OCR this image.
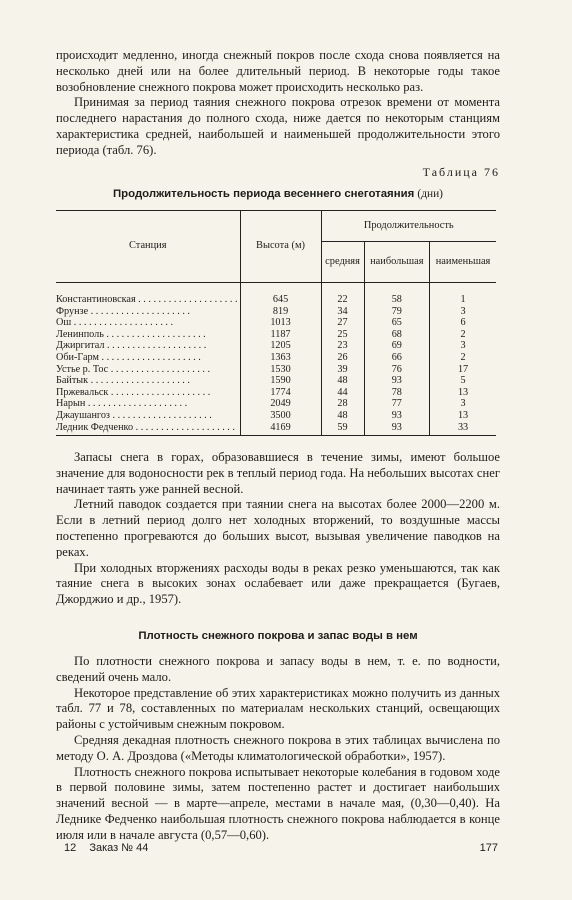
происходит медленно, иногда снежный покров после схода снова появляется на несколько дней или на более длительный период. В некоторые годы такое возобновление снежного покрова может происходить несколько раз.

Принимая за период таяния снежного покрова отрезок времени от момента последнего нарастания до полного схода, ниже дается по некоторым станциям характеристика средней, наибольшей и наименьшей продолжительности этого периода (табл. 76).

Таблица 76
Продолжительность периода весеннего снеготаяния (дни)
Станция	Высота (м)	Продолжительность		
		средняя	наибольшая	наименьшая

Константиновская . . . . . . . . . . . . . . . . . . . .	645	22	58	1
Фрунзе . . . . . . . . . . . . . . . . . . . .	819	34	79	3
Ош . . . . . . . . . . . . . . . . . . . .	1013	27	65	6
Ленинполь . . . . . . . . . . . . . . . . . . . .	1187	25	68	2
Джиргитал . . . . . . . . . . . . . . . . . . . .	1205	23	69	3
Оби-Гарм . . . . . . . . . . . . . . . . . . . .	1363	26	66	2
Устье р. Тос . . . . . . . . . . . . . . . . . . . .	1530	39	76	17
Байтык . . . . . . . . . . . . . . . . . . . .	1590	48	93	5
Пржевальск . . . . . . . . . . . . . . . . . . . .	1774	44	78	13
Нарын . . . . . . . . . . . . . . . . . . . .	2049	28	77	3
Джаушангоз . . . . . . . . . . . . . . . . . . . .	3500	48	93	13
Ледник Федченко . . . . . . . . . . . . . . . . . . . .	4169	59	93	33

Запасы снега в горах, образовавшиеся в течение зимы, имеют большое значение для водоносности рек в теплый период года. На небольших высотах снег начинает таять уже ранней весной.

Летний паводок создается при таянии снега на высотах более 2000—2200 м. Если в летний период долго нет холодных вторжений, то воздушные массы постепенно прогреваются до больших высот, вызывая увеличение паводков на реках.

При холодных вторжениях расходы воды в реках резко уменьшаются, так как таяние снега в высоких зонах ослабевает или даже прекращается (Бугаев, Джорджио и др., 1957).

Плотность снежного покрова и запас воды в нем

По плотности снежного покрова и запасу воды в нем, т. е. по водности, сведений очень мало.

Некоторое представление об этих характеристиках можно получить из данных табл. 77 и 78, составленных по материалам нескольких станций, освещающих районы с устойчивым снежным покровом.

Средняя декадная плотность снежного покрова в этих таблицах вычислена по методу О. А. Дроздова («Методы климатологической обработки», 1957).

Плотность снежного покрова испытывает некоторые колебания в годовом ходе в первой половине зимы, затем постепенно растет и достигает наибольших значений весной — в марте—апреле, местами в начале мая, (0,30—0,40). На Леднике Федченко наибольшая плотность снежного покрова наблюдается в конце июля или в начале августа (0,57—0,60).

12 Заказ № 44	177
